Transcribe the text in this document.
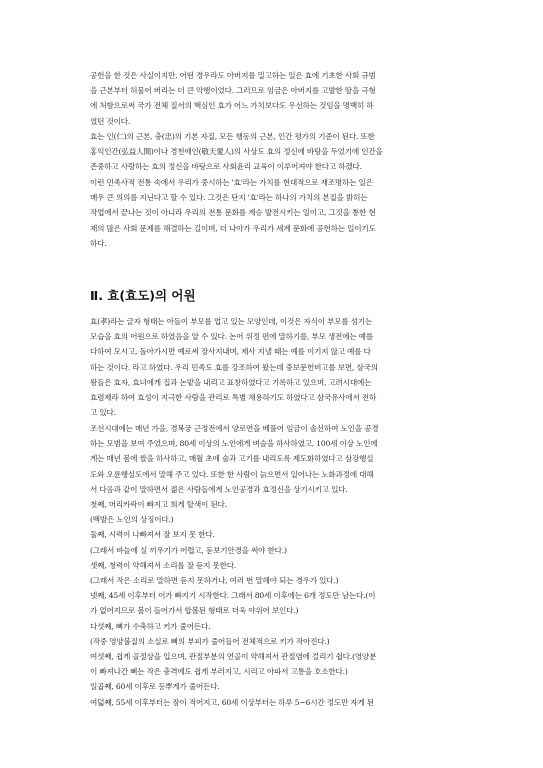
공헌을 한 것은 사실이지만, 어떤 경우라도 아버지를 밀고하는 일은 효에 기초한 사회 규범

을 근본부터 허물어 버리는 더 큰 악행이었다. 그러므로 임금은 아버지를 고발한 딸을 극형

에 처함으로써 국가 전체 질서의 핵심인 효가 어느 가치보다도 우선하는 것임을 명백히 하

였던 것이다.

효는 인(仁)의 근본, 충(忠)의 기본 자질, 모든 행동의 근본, 인간 평가의 기준이 된다. 또한

홍익인간(弘益人間)이나 경천애인(敬天愛人)의 사상도 효의 정신에 바탕을 두었기에 인간을

존중하고 사랑하는 효의 정신을 바탕으로 사회윤리 교육이 이루어져야 한다고 하겠다.

이런 민족사적 전통 속에서 우리가 중시하는 '효'라는 가치를 현대적으로 재조명하는 일은

매우 큰 의의를 지닌다고 할 수 있다. 그것은 단지 '효'라는 하나의 가치의 본질을 밝히는

작업에서 끝나는 것이 아니라 우리의 전통 문화를 계승 발전시키는 일이고, 그것을 통한 현

재의 많은 사회 문제를 해결하는 길이며, 더 나아가 우리가 세계 문화에 공헌하는 일이기도

하다.

Ⅱ. 효(효도)의 어원

효(孝)라는 글자 형태는 아들이 부모를 업고 있는 모양인데, 이것은 자식이 부모를 섬기는

모습을 효의 어원으로 하였음을 알 수 있다. 논어 위정 편에 말하기를, 부모 생전에는 예를

다하여 모시고, 돌아가시면 예로써 장사지내며, 제사 지낼 때는 예를 이기지 않고 예를 다

하는 것이다. 라고 하였다. 우리 민족도 효를 강조하여 왔는데 중보문헌비고를 보면, 삼국의

왕들은 효자, 효녀에게 집과 논밭을 내리고 표창하였다고 기록하고 있으며, 고려시대에는

효렴제라 하여 효성이 지극한 사람을 관리로 특별 채용하기도 하였다고 삼국유사에서 전하

고 있다.

조선시대에는 매년 가을, 경복궁 근정전에서 양로연을 베풀어 임금이 솔선하여 노인을 공경

하는 모범을 보여 주었으며, 80세 이상의 노인에게 벼슬을 하사하였고, 100세 이상 노인에

게는 매년 봄에 쌀을 하사하고, 매월 초에 술과 고기를 내리도록 제도화하였다고 삼강행실

도와 오륜행실도에서 말해 주고 있다. 또한 한 사람이 늙으면서 일어나는 노화과정에 대해

서 다음과 같이 말하면서 젊은 사람들에게 노인공경과 효정신을 상기시키고 있다.

첫째, 머리카락이 빠지고 희게 탈색이 된다.

(백발은 노인의 상징이다.)

둘째, 시력이 나빠져서 잘 보지 못 한다.

(그래서 바늘에 실 끼우기가 어렵고, 돋보기안경을 써야 한다.)

셋째, 청력이 약해져서 소리를 잘 듣지 못한다.

(그래서 작은 소리로 말하면 듣지 못하거나, 여러 번 말해야 되는 경우가 있다.)

넷째, 45세 이후부터 이가 빠지기 시작한다. 그래서 80세 이후에는 6개 정도만 남는다.(이

가 없어지므로 볼이 들어가서 합볼된 형태로 더욱 야위어 보인다.)

다섯째, 뼈가 수축하고 키가 줄어든다.

(작중 영양불질의 소실로 뼈의 부피가 줄어들어 전체적으로 키가 작아진다.)

여섯째, 쉽게 골절상을 입으며, 관절부분의 연골이 약해져서 관절염에 걸리기 쉽다.(영양분

이 빠져나간 뼈는 작은 충격에도 쉽게 부러지고, 시리고 아파서 고통을 호소한다.)

일곱째, 60세 이후로 등뿌게가 줄어든다.

여덟째, 55세 이후부터는 잠이 적어지고, 60세 이상부터는 하루 5~6시간 정도만 자게 된
